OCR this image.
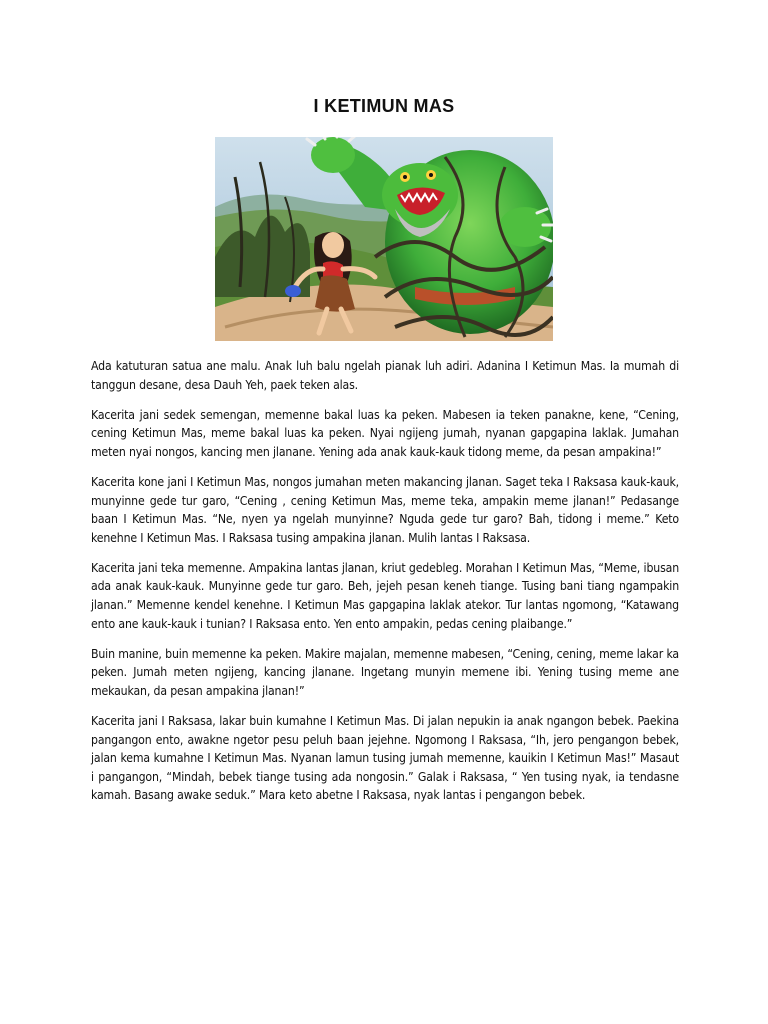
I KETIMUN MAS

Ada katuturan satua ane malu. Anak luh balu ngelah pianak luh adiri. Adanina I Ketimun Mas. Ia mumah di tanggun desane, desa Dauh Yeh, paek teken alas.

Kacerita jani sedek semengan, memenne bakal luas ka peken. Mabesen ia teken panakne, kene, “Cening, cening Ketimun Mas, meme bakal luas ka peken. Nyai ngijeng jumah, nyanan gapgapina laklak. Jumahan meten nyai nongos, kancing men jlanane. Yening ada anak kauk-kauk tidong meme, da pesan ampakina!”

Kacerita kone jani I Ketimun Mas, nongos jumahan meten makancing jlanan. Saget teka I Raksasa kauk-kauk, munyinne gede tur garo, “Cening , cening Ketimun Mas, meme teka, ampakin meme jlanan!” Pedasange baan I Ketimun Mas. “Ne, nyen ya ngelah munyinne? Nguda gede tur garo? Bah, tidong i meme.” Keto kenehne I Ketimun Mas. I Raksasa tusing ampakina jlanan. Mulih lantas I Raksasa.

Kacerita jani teka memenne. Ampakina lantas jlanan, kriut gedebleg. Morahan I Ketimun Mas, “Meme, ibusan ada anak kauk-kauk. Munyinne gede tur garo. Beh, jejeh pesan keneh tiange. Tusing bani tiang ngampakin jlanan.” Memenne kendel kenehne. I Ketimun Mas gapgapina laklak atekor. Tur lantas ngomong, “Katawang ento ane kauk-kauk i tunian? I Raksasa ento. Yen ento ampakin, pedas cening plaibange.”

Buin manine, buin memenne ka peken. Makire majalan, memenne mabesen, “Cening, cening, meme lakar ka peken. Jumah meten ngijeng, kancing jlanane. Ingetang munyin memene ibi. Yening tusing meme ane mekaukan, da pesan ampakina jlanan!”

Kacerita jani I Raksasa, lakar buin kumahne I Ketimun Mas. Di jalan nepukin ia anak ngangon bebek. Paekina pangangon ento, awakne ngetor pesu peluh baan jejehne. Ngomong I Raksasa, “Ih, jero pengangon bebek, jalan kema kumahne I Ketimun Mas. Nyanan lamun tusing jumah memenne, kauikin I Ketimun Mas!” Masaut i pangangon, “Mindah, bebek tiange tusing ada nongosin.” Galak i Raksasa, “ Yen tusing nyak, ia tendasne kamah. Basang awake seduk.” Mara keto abetne I Raksasa, nyak lantas i pengangon bebek.
